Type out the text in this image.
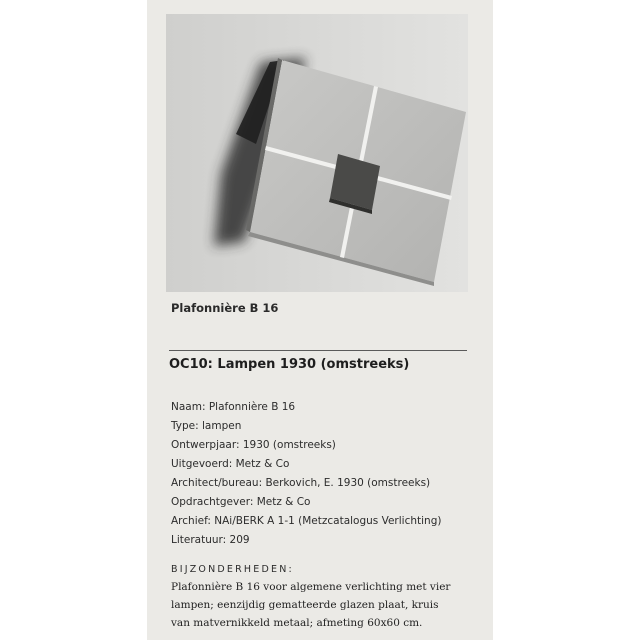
Plafonnière B 16
OC10: Lampen 1930 (omstreeks)
Naam: Plafonnière B 16
Type: lampen
Ontwerpjaar: 1930 (omstreeks)
Uitgevoerd: Metz & Co
Architect/bureau: Berkovich, E. 1930 (omstreeks)
Opdrachtgever: Metz & Co
Archief: NAi/BERK A 1-1 (Metzcatalogus Verlichting)
Literatuur: 209
BIJZONDERHEDEN:
Plafonnière B 16 voor algemene verlichting met vier
lampen; eenzijdig gematteerde glazen plaat, kruis
van matvernikkeld metaal; afmeting 60x60 cm.
